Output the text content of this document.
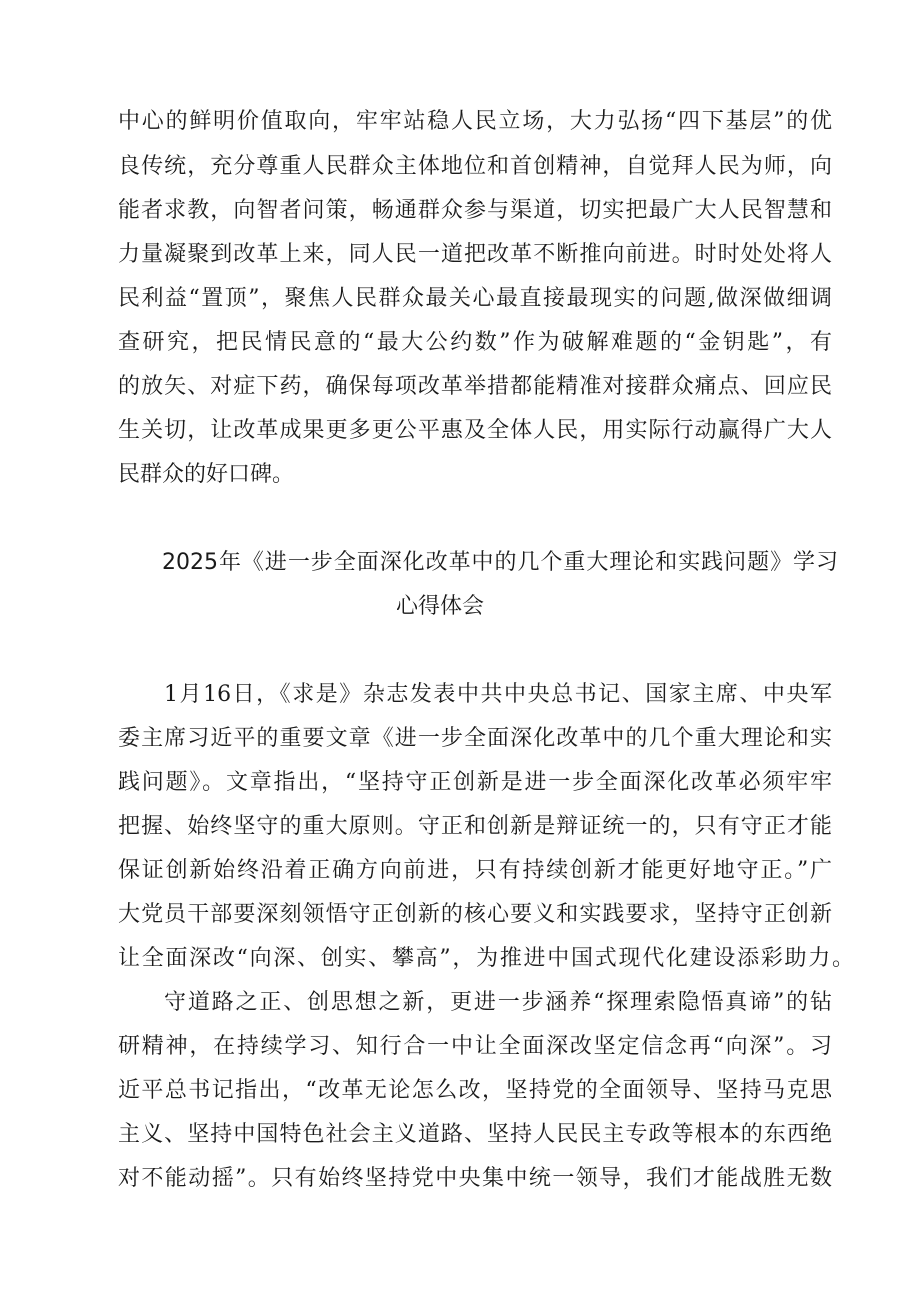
中心的鲜明价值取向，牢牢站稳人民立场，大力弘扬“四下基层”的优
良传统，充分尊重人民群众主体地位和首创精神，自觉拜人民为师，向
能者求教，向智者问策，畅通群众参与渠道，切实把最广大人民智慧和
力量凝聚到改革上来，同人民一道把改革不断推向前进。时时处处将人
民利益“置顶”，聚焦人民群众最关心最直接最现实的问题,做深做细调
查研究，把民情民意的“最大公约数”作为破解难题的“金钥匙”，有
的放矢、对症下药，确保每项改革举措都能精准对接群众痛点、回应民
生关切，让改革成果更多更公平惠及全体人民，用实际行动赢得广大人
民群众的好口碑。
2025年《进一步全面深化改革中的几个重大理论和实践问题》学习
心得体会
1月16日，《求是》杂志发表中共中央总书记、国家主席、中央军
委主席习近平的重要文章《进一步全面深化改革中的几个重大理论和实
践问题》。文章指出，“坚持守正创新是进一步全面深化改革必须牢牢
把握、始终坚守的重大原则。守正和创新是辩证统一的，只有守正才能
保证创新始终沿着正确方向前进，只有持续创新才能更好地守正。”广
大党员干部要深刻领悟守正创新的核心要义和实践要求，坚持守正创新
让全面深改“向深、创实、攀高”，为推进中国式现代化建设添彩助力。
守道路之正、创思想之新，更进一步涵养“探理索隐悟真谛”的钻
研精神，在持续学习、知行合一中让全面深改坚定信念再“向深”。习
近平总书记指出，“改革无论怎么改，坚持党的全面领导、坚持马克思
主义、坚持中国特色社会主义道路、坚持人民民主专政等根本的东西绝
对不能动摇”。只有始终坚持党中央集中统一领导，我们才能战胜无数
